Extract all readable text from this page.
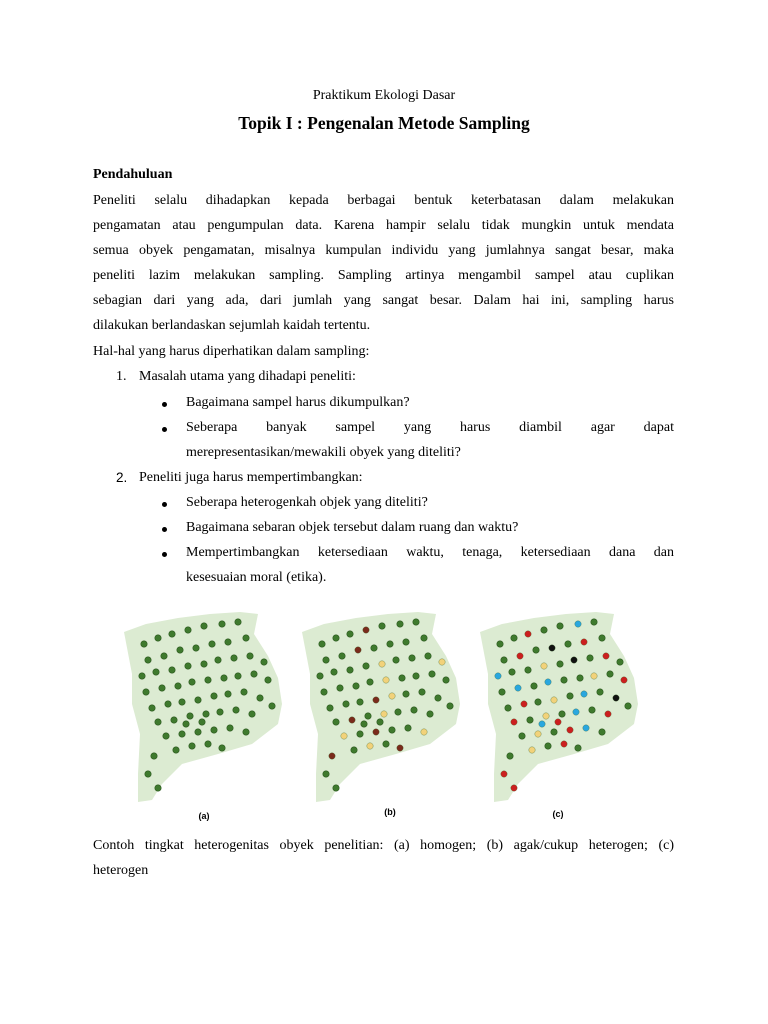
Praktikum Ekologi Dasar
Topik I : Pengenalan Metode Sampling
Pendahuluan
Peneliti selalu dihadapkan kepada berbagai bentuk keterbatasan dalam melakukan
pengamatan atau pengumpulan data. Karena hampir selalu tidak mungkin untuk mendata
semua obyek pengamatan, misalnya kumpulan individu yang jumlahnya sangat besar, maka
peneliti lazim melakukan sampling. Sampling artinya mengambil sampel atau cuplikan
sebagian dari yang ada, dari jumlah yang sangat besar. Dalam hai ini, sampling harus
dilakukan berlandaskan sejumlah kaidah tertentu.
Hal-hal yang harus diperhatikan dalam sampling:
1. Masalah utama yang dihadapi peneliti:
Bagaimana sampel harus dikumpulkan?
Seberapa banyak sampel yang harus diambil agar dapat
merepresentasikan/mewakili obyek yang diteliti?
2. Peneliti juga harus mempertimbangkan:
Seberapa heterogenkah objek yang diteliti?
Bagaimana sebaran objek tersebut dalam ruang dan waktu?
Mempertimbangkan ketersediaan waktu, tenaga, ketersediaan dana dan
kesesuaian moral (etika).
(a)	(b)	(c)
Contoh tingkat heterogenitas obyek penelitian: (a) homogen; (b) agak/cukup heterogen; (c)
heterogen
